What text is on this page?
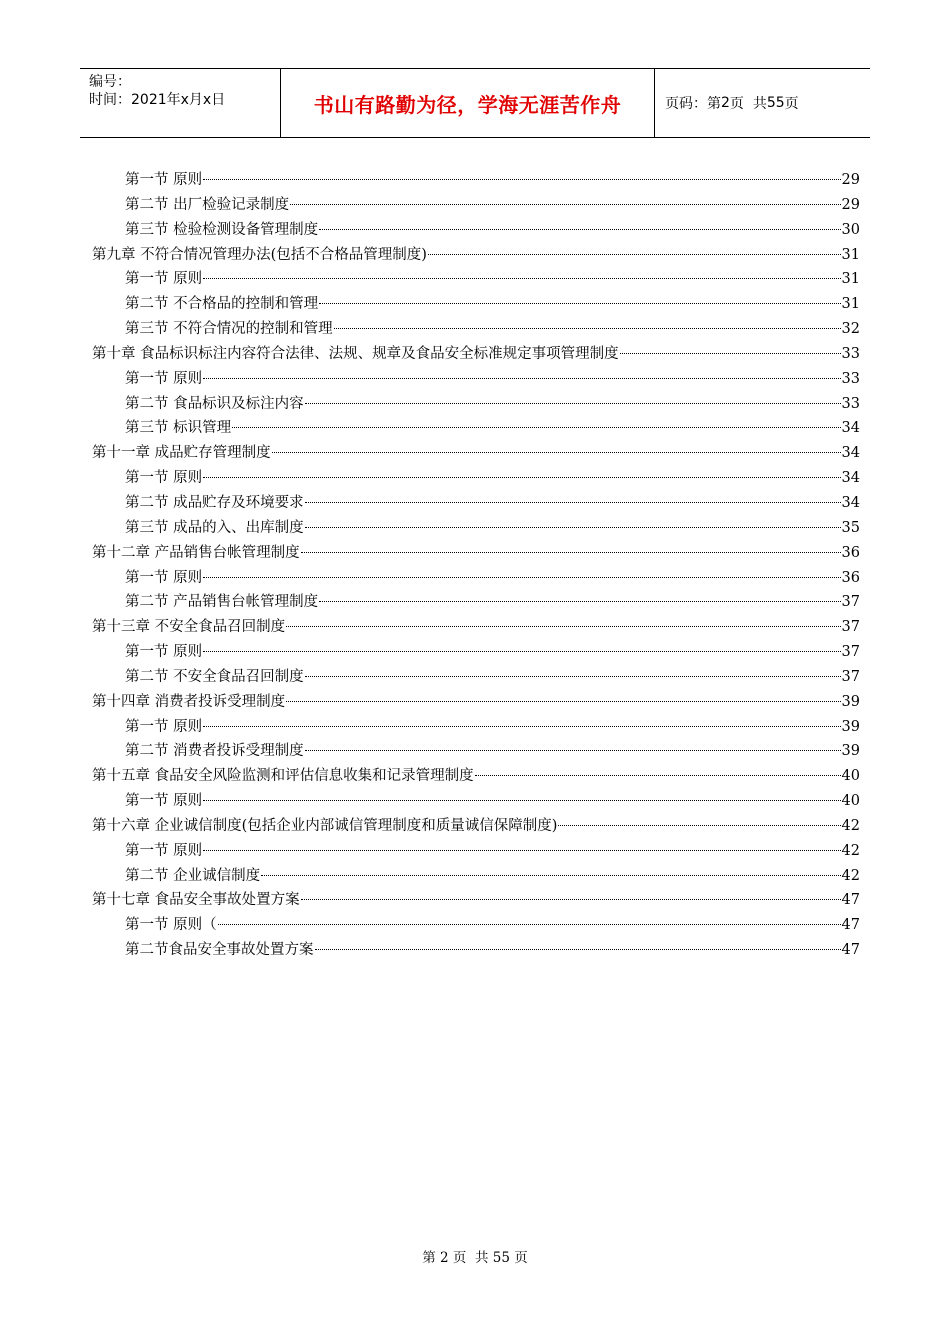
编号：
时间：2021年x月x日	书山有路勤为径，学海无涯苦作舟	页码：第 2 页  共 55 页
第一节 原则	29
第二节 出厂检验记录制度	29
第三节 检验检测设备管理制度	30
第九章 不符合情况管理办法(包括不合格品管理制度)	31
第一节 原则	31
第二节 不合格品的控制和管理	31
第三节 不符合情况的控制和管理	32
第十章 食品标识标注内容符合法律、法规、规章及食品安全标准规定事项管理制度	33
第一节 原则	33
第二节 食品标识及标注内容	33
第三节 标识管理	34
第十一章 成品贮存管理制度	34
第一节 原则	34
第二节 成品贮存及环境要求	34
第三节 成品的入、出库制度	35
第十二章 产品销售台帐管理制度	36
第一节 原则	36
第二节 产品销售台帐管理制度	37
第十三章 不安全食品召回制度	37
第一节 原则	37
第二节 不安全食品召回制度	37
第十四章 消费者投诉受理制度	39
第一节 原则	39
第二节 消费者投诉受理制度	39
第十五章 食品安全风险监测和评估信息收集和记录管理制度	40
第一节 原则	40
第十六章 企业诚信制度(包括企业内部诚信管理制度和质量诚信保障制度)	42
第一节 原则	42
第二节 企业诚信制度	42
第十七章 食品安全事故处置方案	47
第一节 原则（	47
第二节食品安全事故处置方案	47
第 2 页  共 55 页
